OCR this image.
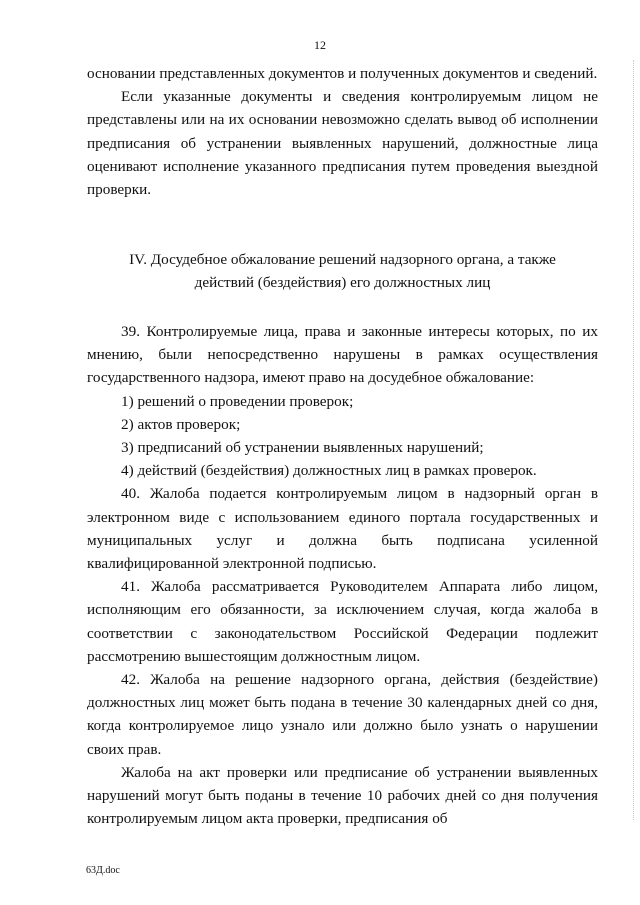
12

основании представленных документов и полученных документов и сведений.

Если указанные документы и сведения контролируемым лицом не представлены или на их основании невозможно сделать вывод об исполнении предписания об устранении выявленных нарушений, должностные лица оценивают исполнение указанного предписания путем проведения выездной проверки.

IV. Досудебное обжалование решений надзорного органа, а также
действий (бездействия) его должностных лиц

39. Контролируемые лица, права и законные интересы которых, по их мнению, были непосредственно нарушены в рамках осуществления государственного надзора, имеют право на досудебное обжалование:

1) решений о проведении проверок;

2) актов проверок;

3) предписаний об устранении выявленных нарушений;

4) действий (бездействия) должностных лиц в рамках проверок.

40. Жалоба подается контролируемым лицом в надзорный орган в электронном виде с использованием единого портала государственных и муниципальных услуг и должна быть подписана усиленной квалифицированной электронной подписью.

41. Жалоба рассматривается Руководителем Аппарата либо лицом, исполняющим его обязанности, за исключением случая, когда жалоба в соответствии с законодательством Российской Федерации подлежит рассмотрению вышестоящим должностным лицом.

42. Жалоба на решение надзорного органа, действия (бездействие) должностных лиц может быть подана в течение 30 календарных дней со дня, когда контролируемое лицо узнало или должно было узнать о нарушении своих прав.

Жалоба на акт проверки или предписание об устранении выявленных нарушений могут быть поданы в течение 10 рабочих дней со дня получения контролируемым лицом акта проверки, предписания об

63Д.doc
